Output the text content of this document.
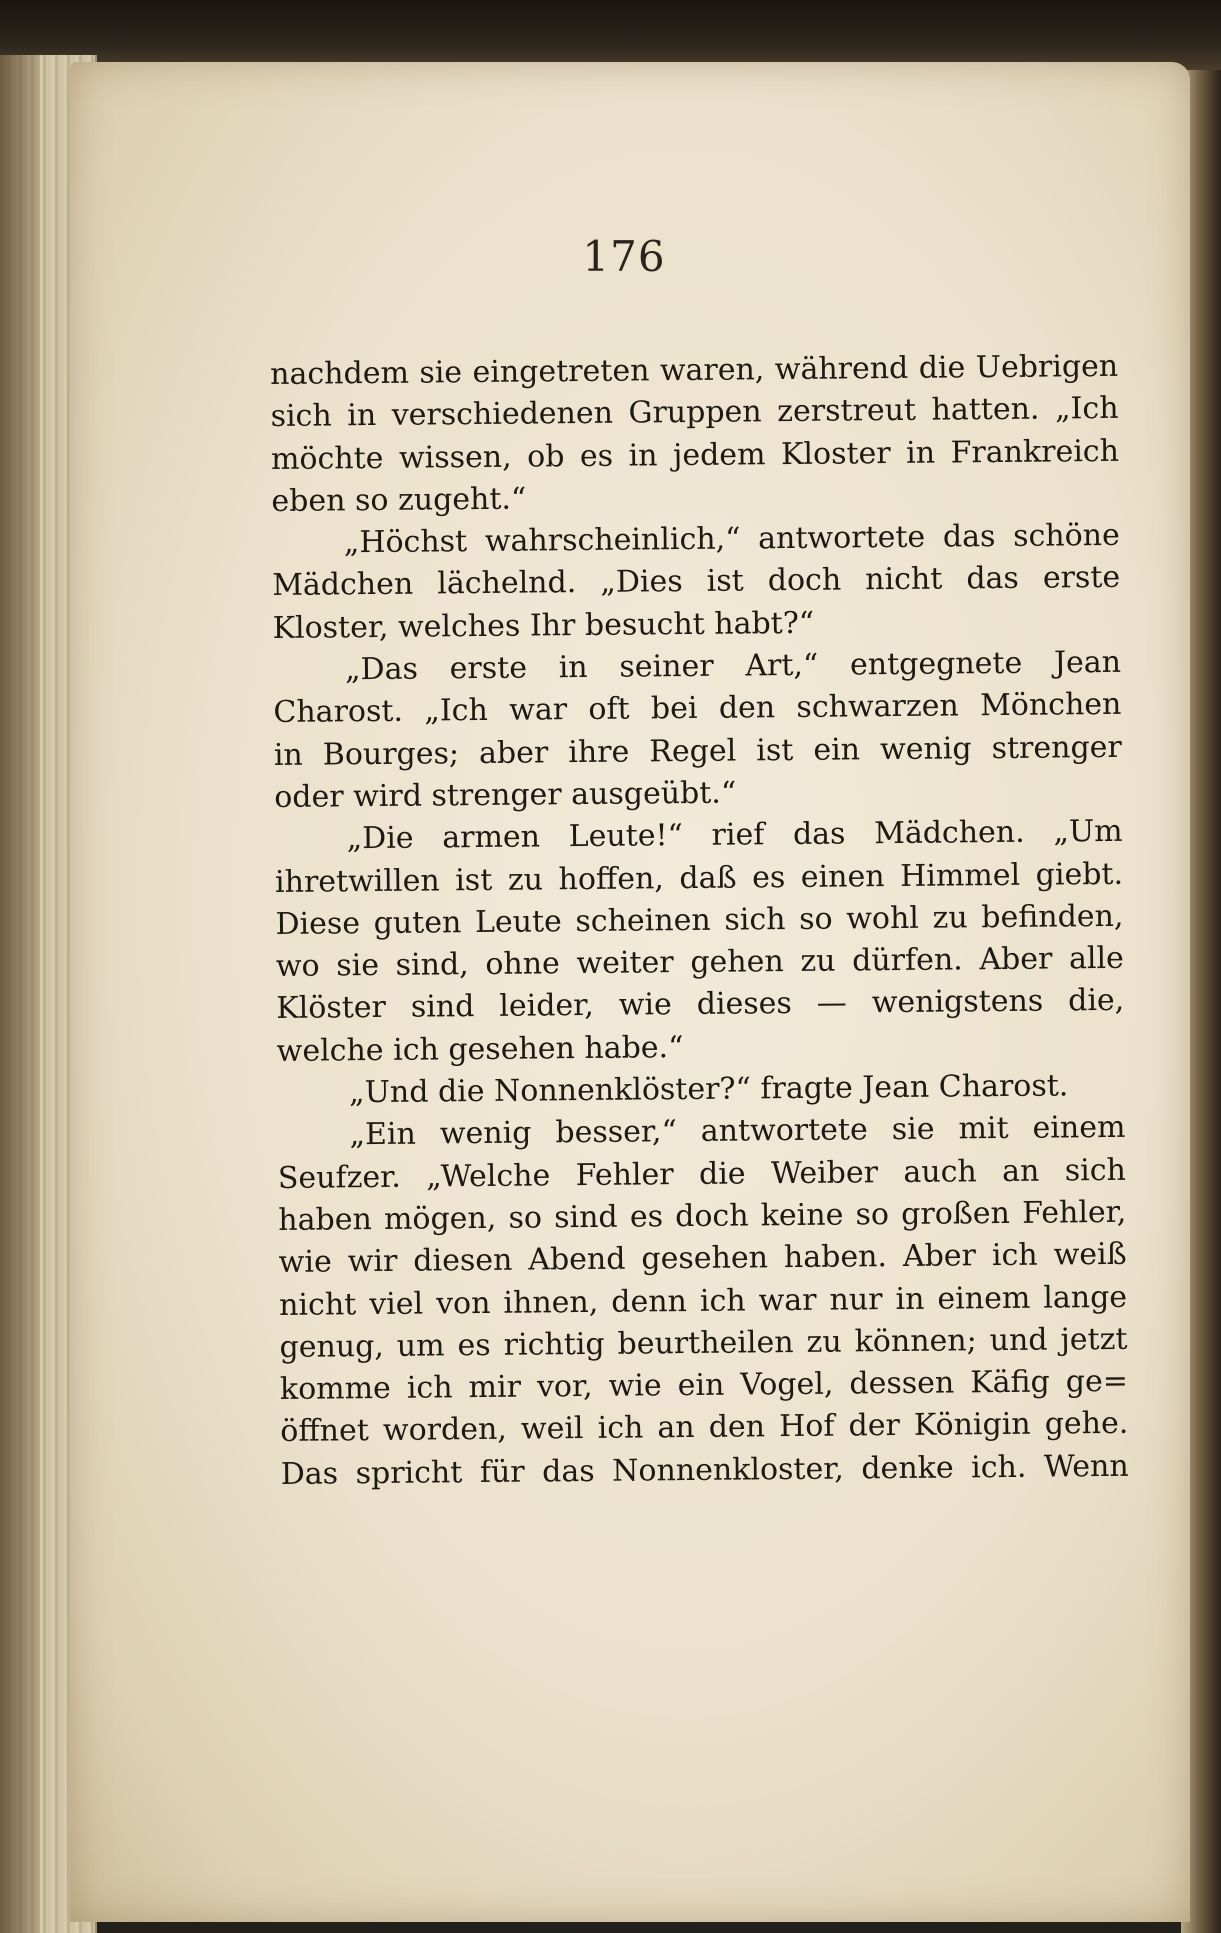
176
nachdem sie eingetreten waren, während die Uebrigen
sich in verschiedenen Gruppen zerstreut hatten. „Ich
möchte wissen, ob es in jedem Kloster in Frankreich
eben so zugeht.“
„Höchst wahrscheinlich,“ antwortete das schöne
Mädchen lächelnd. „Dies ist doch nicht das erste
Kloster, welches Ihr besucht habt?“
„Das erste in seiner Art,“ entgegnete Jean
Charost. „Ich war oft bei den schwarzen Mönchen
in Bourges; aber ihre Regel ist ein wenig strenger
oder wird strenger ausgeübt.“
„Die armen Leute!“ rief das Mädchen. „Um
ihretwillen ist zu hoffen, daß es einen Himmel giebt.
Diese guten Leute scheinen sich so wohl zu befinden,
wo sie sind, ohne weiter gehen zu dürfen. Aber alle
Klöster sind leider, wie dieses — wenigstens die,
welche ich gesehen habe.“
„Und die Nonnenklöster?“ fragte Jean Charost.
„Ein wenig besser,“ antwortete sie mit einem
Seufzer. „Welche Fehler die Weiber auch an sich
haben mögen, so sind es doch keine so großen Fehler,
wie wir diesen Abend gesehen haben. Aber ich weiß
nicht viel von ihnen, denn ich war nur in einem lange
genug, um es richtig beurtheilen zu können; und jetzt
komme ich mir vor, wie ein Vogel, dessen Käfig ge=
öffnet worden, weil ich an den Hof der Königin gehe.
Das spricht für das Nonnenkloster, denke ich. Wenn
